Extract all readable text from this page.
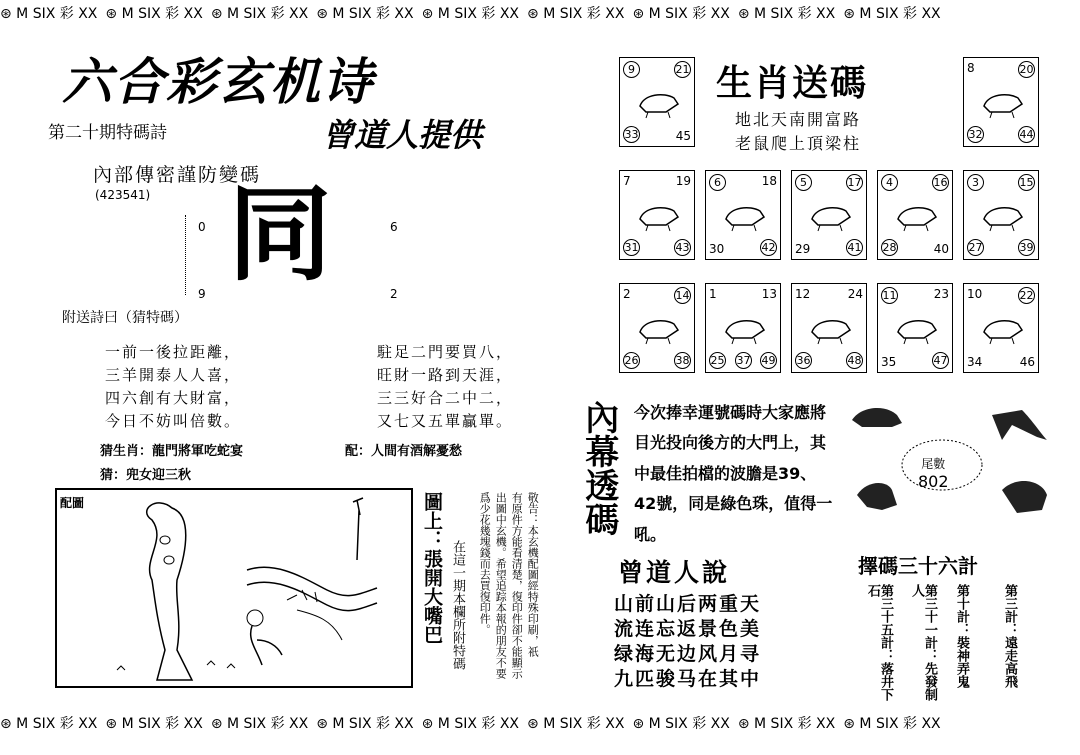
⊛ M SIX 彩 ⅩⅩ ⊛ M SIX 彩 ⅩⅩ ⊛ M SIX 彩 ⅩⅩ ⊛ M SIX 彩 ⅩⅩ ⊛ M SIX 彩 ⅩⅩ ⊛ M SIX 彩 ⅩⅩ ⊛ M SIX 彩 ⅩⅩ ⊛ M SIX 彩 ⅩⅩ ⊛ M SIX 彩 ⅩⅩ
六合彩玄机诗
第二十期特碼詩	曾道人提供
內部傳密謹防變碼
(423541) 同
0	6
9	2
附送詩曰（猜特碼）
一前一後拉距離，
三羊開泰人人喜，
四六創有大財富，
今日不妨叫倍數。
駐足二門要買八，
旺財一路到天涯，
三三好合二中二，
又七又五單贏單。
猜生肖：龍門將軍吃蛇宴	配：人間有酒解憂愁
猜：兜女迎三秋
配圖	圖上：張開大嘴巴 在這一期本欄所附特碼 爲少花幾塊錢而去買復印件。 出圖中玄機。希望追踪本報的朋友不要 有原件方能看清楚，復印件卻不能顯示 敬告：本玄機配圖經特殊印刷，祇
生肖送碼
地北天南開富路
老鼠爬上頂梁柱
9	21
33	45
8	20
32	44
7	19
31	43
6	18
30	42
5	17
29	41
4	16
28	40
3	15
27	39
2	14
26	38
1	13
25	49
37
12	24
36	48
11	23
35	47
10	22
34	46
內幕透碼 今次捧幸運號碼時大家應將目光投向後方的大門上，其中最佳拍檔的波膽是39、42號，同是綠色珠，值得一吼。
尾數
802
曾道人說
山前山后两重天
流连忘返景色美
绿海无边风月寻
九匹骏马在其中
擇碼三十六計
第三計：遠走高飛
第十計：裝神弄鬼
第三十一計：先發制人
第三十五計：落井下石
⊛ M SIX 彩 ⅩⅩ ⊛ M SIX 彩 ⅩⅩ ⊛ M SIX 彩 ⅩⅩ ⊛ M SIX 彩 ⅩⅩ ⊛ M SIX 彩 ⅩⅩ ⊛ M SIX 彩 ⅩⅩ ⊛ M SIX 彩 ⅩⅩ ⊛ M SIX 彩 ⅩⅩ ⊛ M SIX 彩 ⅩⅩ
